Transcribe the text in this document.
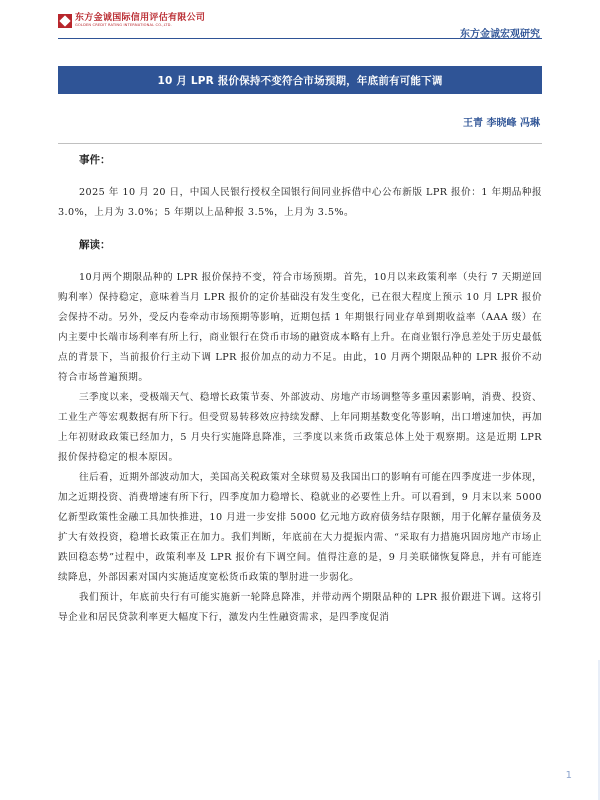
东方金诚国际信用评估有限公司
GOLDEN CREDIT RATING INTERNATIONAL CO.,LTD.
东方金诚宏观研究
10 月 LPR 报价保持不变符合市场预期，年底前有可能下调
王青 李晓峰 冯琳

事件：

2025 年 10 月 20 日，中国人民银行授权全国银行间同业拆借中心公布新版 LPR 报价：1 年期品种报 3.0%，上月为 3.0%；5 年期以上品种报 3.5%，上月为 3.5%。

解读：

10月两个期限品种的 LPR 报价保持不变，符合市场预期。首先，10月以来政策利率（央行 7 天期逆回购利率）保持稳定，意味着当月 LPR 报价的定价基础没有发生变化，已在很大程度上预示 10 月 LPR 报价会保持不动。另外，受反内卷牵动市场预期等影响，近期包括 1 年期银行同业存单到期收益率（AAA 级）在内主要中长端市场利率有所上行，商业银行在贷币市场的融资成本略有上升。在商业银行净息差处于历史最低点的背景下，当前报价行主动下调 LPR 报价加点的动力不足。由此，10 月两个期限品种的 LPR 报价不动符合市场普遍预期。

三季度以来，受极端天气、稳增长政策节奏、外部波动、房地产市场调整等多重因素影响，消费、投资、工业生产等宏观数据有所下行。但受贸易转移效应持续发酵、上年同期基数变化等影响，出口增速加快，再加上年初财政政策已经加力，5 月央行实施降息降准，三季度以来货币政策总体上处于观察期。这是近期 LPR 报价保持稳定的根本原因。

往后看，近期外部波动加大，美国高关税政策对全球贸易及我国出口的影响有可能在四季度进一步体现，加之近期投资、消费增速有所下行，四季度加力稳增长、稳就业的必要性上升。可以看到，9 月末以来 5000 亿新型政策性金融工具加快推进，10 月进一步安排 5000 亿元地方政府债务结存限额，用于化解存量债务及扩大有效投资，稳增长政策正在加力。我们判断，年底前在大力提振内需、“采取有力措施巩固房地产市场止跌回稳态势”过程中，政策利率及 LPR 报价有下调空间。值得注意的是，9 月美联储恢复降息，并有可能连续降息，外部因素对国内实施适度宽松货币政策的掣肘进一步弱化。

我们预计，年底前央行有可能实施新一轮降息降准，并带动两个期限品种的 LPR 报价跟进下调。这将引导企业和居民贷款利率更大幅度下行，激发内生性融资需求，是四季度促消

1
